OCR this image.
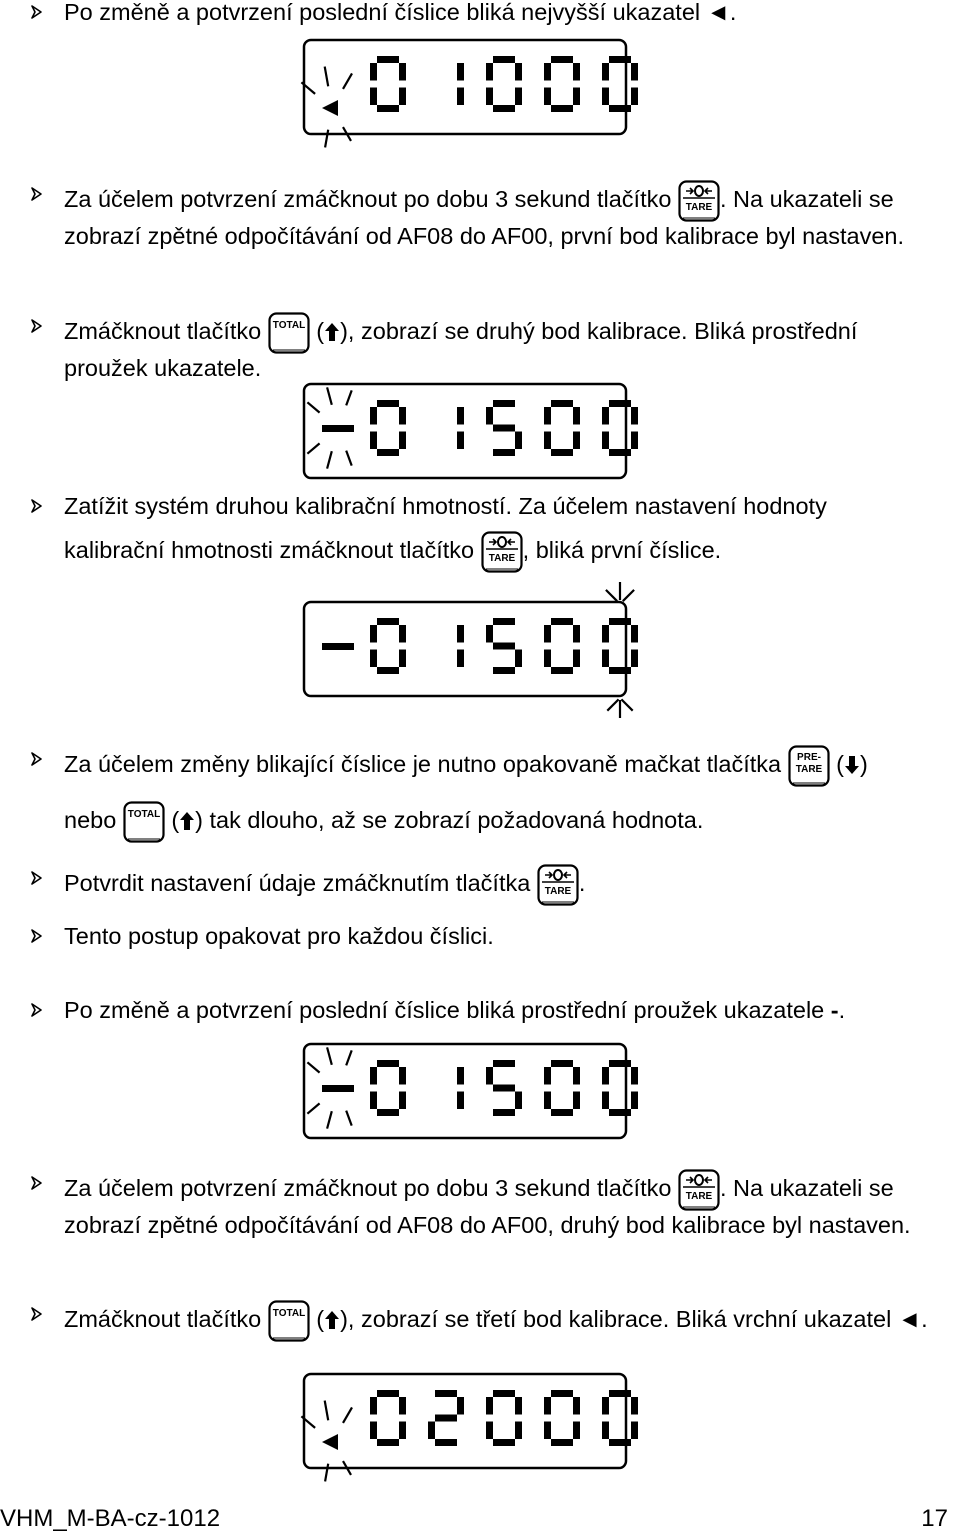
Po změně a potvrzení poslední číslice bliká nejvyšší ukazatel ◄.
Za účelem potvrzení zmáčknout po dobu 3 sekund tlačítko TARE . Na ukazateli se zobrazí zpětné odpočítávání od AF08 do AF00, první bod kalibrace byl nastaven.
Zmáčknout tlačítko TOTAL ( ), zobrazí se druhý bod kalibrace. Bliká prostřední proužek ukazatele.
Zatížit systém druhou kalibrační hmotností. Za účelem nastavení hodnoty
kalibrační hmotnosti zmáčknout tlačítko TARE , bliká první číslice.
Za účelem změny blikající číslice je nutno opakovaně mačkat tlačítka PRE-
TARE ( )
nebo TOTAL ( ) tak dlouho, až se zobrazí požadovaná hodnota.
Potvrdit nastavení údaje zmáčknutím tlačítka TARE .
Tento postup opakovat pro každou číslici.
Po změně a potvrzení poslední číslice bliká prostřední proužek ukazatele -.
Za účelem potvrzení zmáčknout po dobu 3 sekund tlačítko TARE . Na ukazateli se zobrazí zpětné odpočítávání od AF08 do AF00, druhý bod kalibrace byl nastaven.
Zmáčknout tlačítko TOTAL ( ), zobrazí se třetí bod kalibrace. Bliká vrchní ukazatel ◄.
VHM_M-BA-cz-1012	17
